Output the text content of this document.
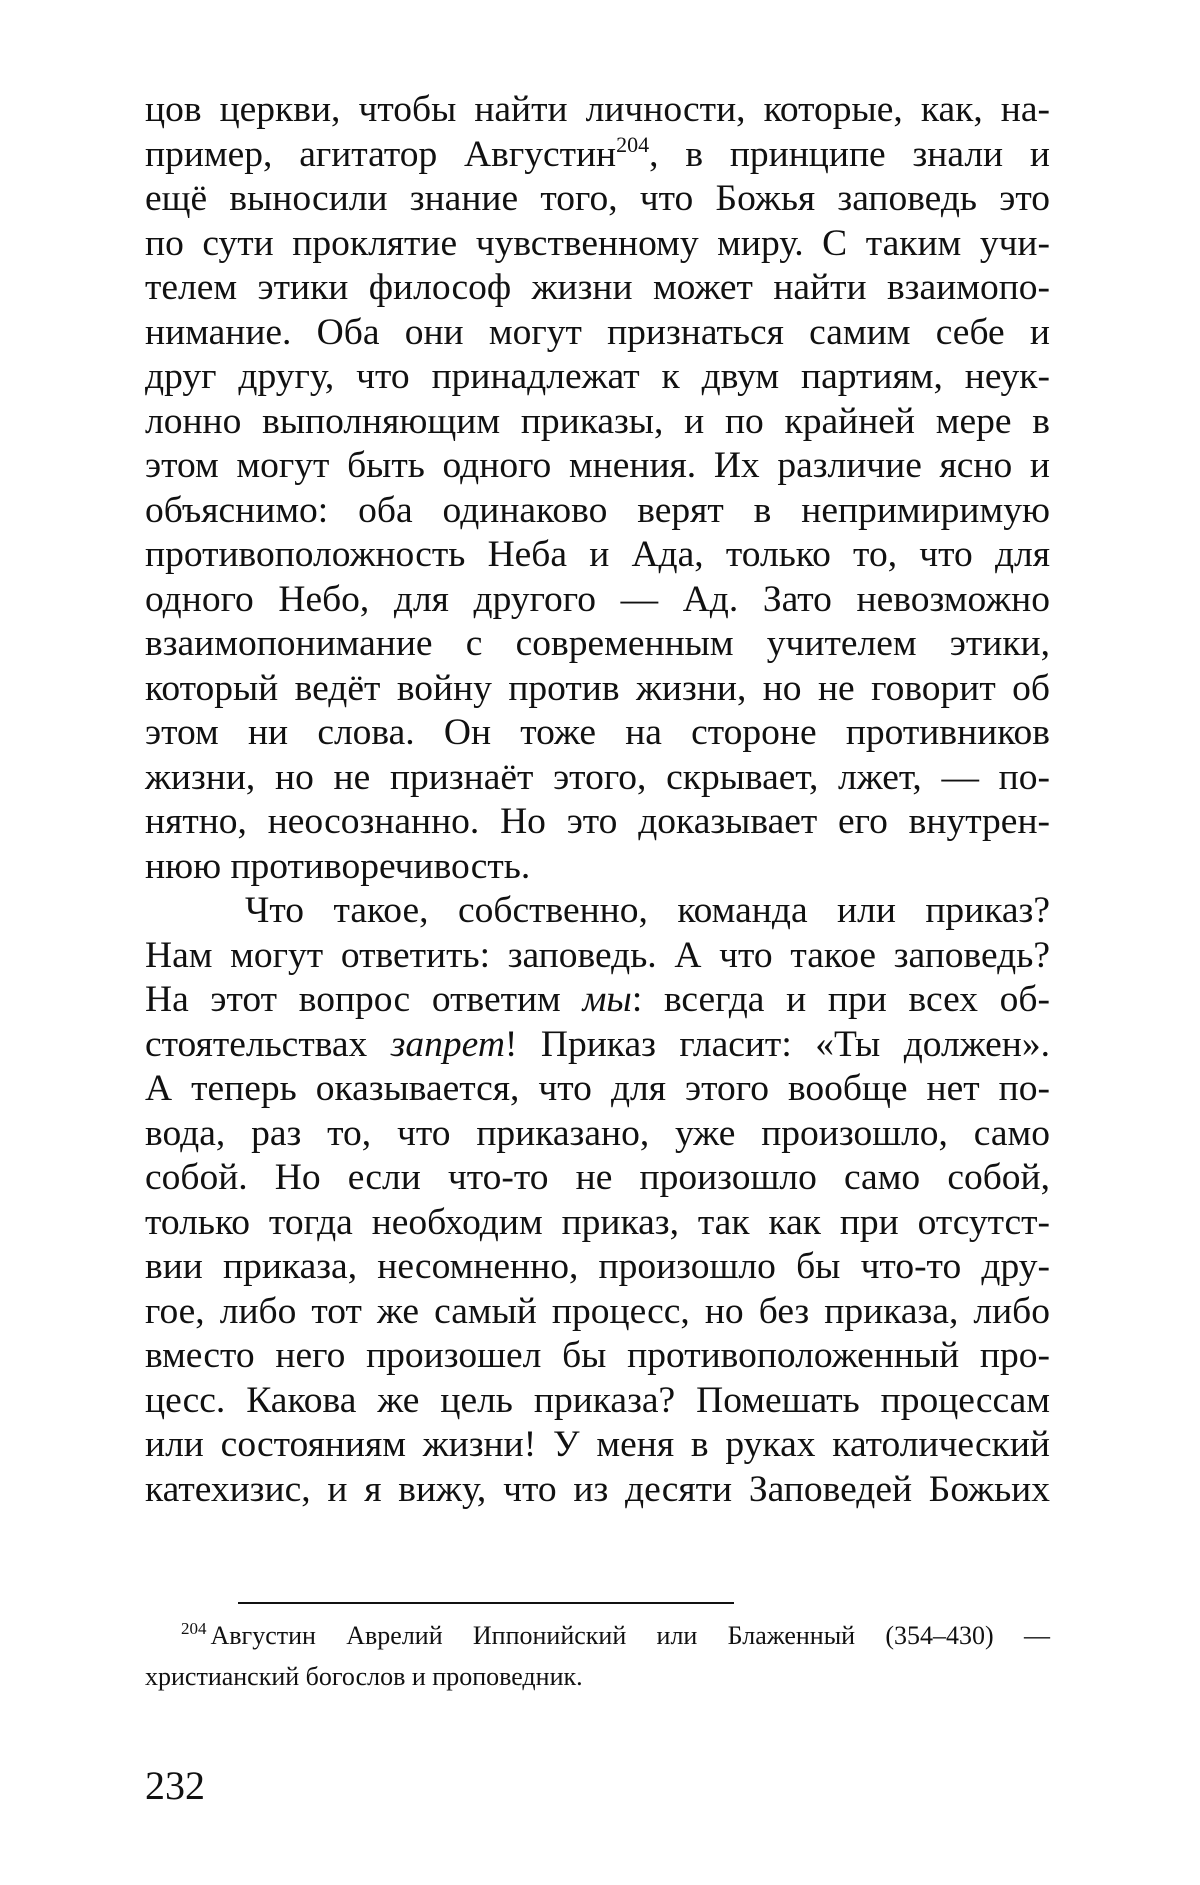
цов церкви, чтобы найти личности, которые, как, на-
пример, агитатор Августин$^{204}$, в принципе знали и
ещё выносили знание того, что Божья заповедь это
по сути проклятие чувственному миру. С таким учи-
телем этики философ жизни может найти взаимопо-
нимание. Оба они могут признаться самим себе и
друг другу, что принадлежат к двум партиям, неук-
лонно выполняющим приказы, и по крайней мере в
этом могут быть одного мнения. Их различие ясно и
объяснимо: оба одинаково верят в непримиримую
противоположность Неба и Ада, только то, что для
одного Небо, для другого — Ад. Зато невозможно
взаимопонимание с современным учителем этики,
который ведёт войну против жизни, но не говорит об
этом ни слова. Он тоже на стороне противников
жизни, но не признаёт этого, скрывает, лжет, — по-
нятно, неосознанно. Но это доказывает его внутрен-
нюю противоречивость.
Что такое, собственно, команда или приказ?
Нам могут ответить: заповедь. А что такое заповедь?
На этот вопрос ответим мы: всегда и при всех об-
стоятельствах запрет! Приказ гласит: «Ты должен».
А теперь оказывается, что для этого вообще нет по-
вода, раз то, что приказано, уже произошло, само
собой. Но если что-то не произошло само собой,
только тогда необходим приказ, так как при отсутст-
вии приказа, несомненно, произошло бы что-то дру-
гое, либо тот же самый процесс, но без приказа, либо
вместо него произошел бы противоположенный про-
цесс. Какова же цель приказа? Помешать процессам
или состояниям жизни! У меня в руках католический
катехизис, и я вижу, что из десяти Заповедей Божьих
$^{204}$ Августин Аврелий Иппонийский или Блаженный (354–430) —
христианский богослов и проповедник.
232
